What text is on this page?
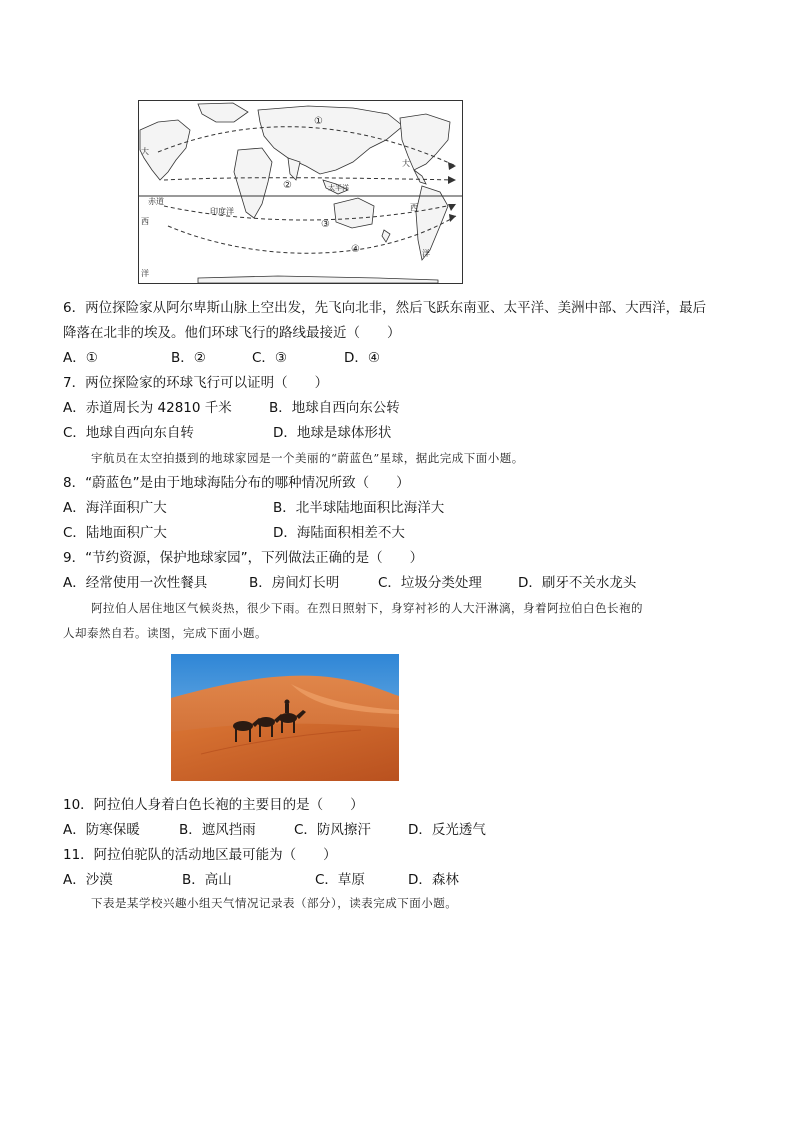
①
②
③
④
大
赤道
西
洋
印度洋
太平洋
大
西
洋
6．两位探险家从阿尔卑斯山脉上空出发，先飞向北非，然后飞跃东南亚、太平洋、美洲中部、大西洋，最后
降落在北非的埃及。他们环球飞行的路线最接近（　　）
A．①	B．②	C．③	D．④
7．两位探险家的环球飞行可以证明（　　）
A．赤道周长为 42810 千米	B．地球自西向东公转
C．地球自西向东自转	D．地球是球体形状
宇航员在太空拍摄到的地球家园是一个美丽的“蔚蓝色”星球，据此完成下面小题。
8．“蔚蓝色”是由于地球海陆分布的哪种情况所致（　　）
A．海洋面积广大	B．北半球陆地面积比海洋大
C．陆地面积广大	D．海陆面积相差不大
9．“节约资源，保护地球家园”，下列做法正确的是（　　）
A．经常使用一次性餐具	B．房间灯长明	C．垃圾分类处理	D．刷牙不关水龙头
阿拉伯人居住地区气候炎热，很少下雨。在烈日照射下，身穿衬衫的人大汗淋漓，身着阿拉伯白色长袍的
人却泰然自若。读图，完成下面小题。
10．阿拉伯人身着白色长袍的主要目的是（　　）
A．防寒保暖	B．遮风挡雨	C．防风擦汗	D．反光透气
11．阿拉伯驼队的活动地区最可能为（　　）
A．沙漠	B．高山	C．草原	D．森林
下表是某学校兴趣小组天气情况记录表（部分），读表完成下面小题。
